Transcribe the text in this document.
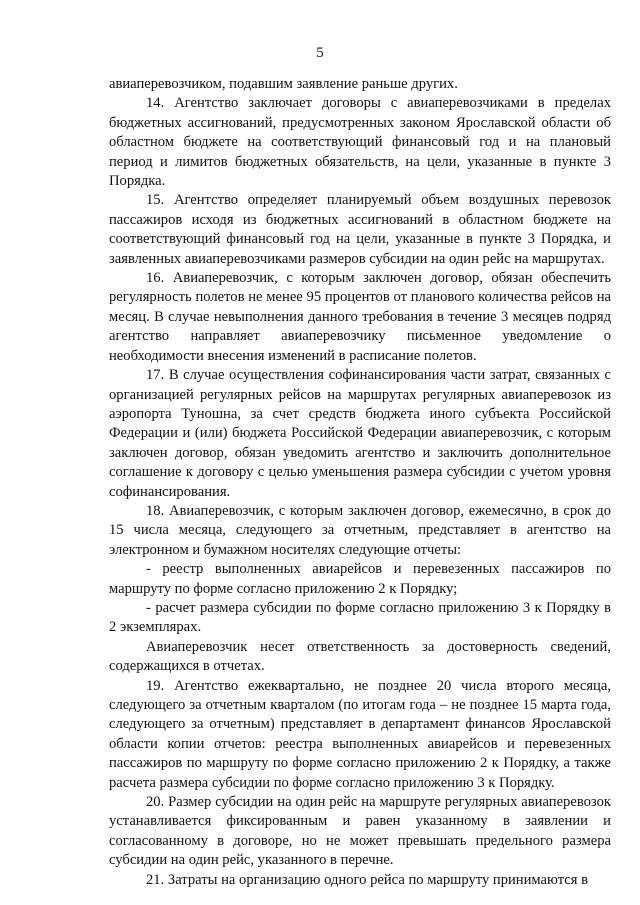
5

авиаперевозчиком, подавшим заявление раньше других.

14. Агентство заключает договоры с авиаперевозчиками в пределах бюджетных ассигнований, предусмотренных законом Ярославской области об областном бюджете на соответствующий финансовый год и на плановый период и лимитов бюджетных обязательств, на цели, указанные в пункте 3 Порядка.

15. Агентство определяет планируемый объем воздушных перевозок пассажиров исходя из бюджетных ассигнований в областном бюджете на соответствующий финансовый год на цели, указанные в пункте 3 Порядка, и заявленных авиаперевозчиками размеров субсидии на один рейс на маршрутах.

16. Авиаперевозчик, с которым заключен договор, обязан обеспечить регулярность полетов не менее 95 процентов от планового количества рейсов на месяц. В случае невыполнения данного требования в течение 3 месяцев подряд агентство направляет авиаперевозчику письменное уведомление о необходимости внесения изменений в расписание полетов.

17. В случае осуществления софинансирования части затрат, связанных с организацией регулярных рейсов на маршрутах регулярных авиаперевозок из аэропорта Туношна, за счет средств бюджета иного субъекта Российской Федерации и (или) бюджета Российской Федерации авиаперевозчик, с которым заключен договор, обязан уведомить агентство и заключить дополнительное соглашение к договору с целью уменьшения размера субсидии с учетом уровня софинансирования.

18. Авиаперевозчик, с которым заключен договор, ежемесячно, в срок до 15 числа месяца, следующего за отчетным, представляет в агентство на электронном и бумажном носителях следующие отчеты:

- реестр выполненных авиарейсов и перевезенных пассажиров по маршруту по форме согласно приложению 2 к Порядку;

- расчет размера субсидии по форме согласно приложению 3 к Порядку в 2 экземплярах.

Авиаперевозчик несет ответственность за достоверность сведений, содержащихся в отчетах.

19. Агентство ежеквартально, не позднее 20 числа второго месяца, следующего за отчетным кварталом (по итогам года – не позднее 15 марта года, следующего за отчетным) представляет в департамент финансов Ярославской области копии отчетов: реестра выполненных авиарейсов и перевезенных пассажиров по маршруту по форме согласно приложению 2 к Порядку, а также расчета размера субсидии по форме согласно приложению 3 к Порядку.

20. Размер субсидии на один рейс на маршруте регулярных авиаперевозок устанавливается фиксированным и равен указанному в заявлении и согласованному в договоре, но не может превышать предельного размера субсидии на один рейс, указанного в перечне.

21. Затраты на организацию одного рейса по маршруту принимаются в
